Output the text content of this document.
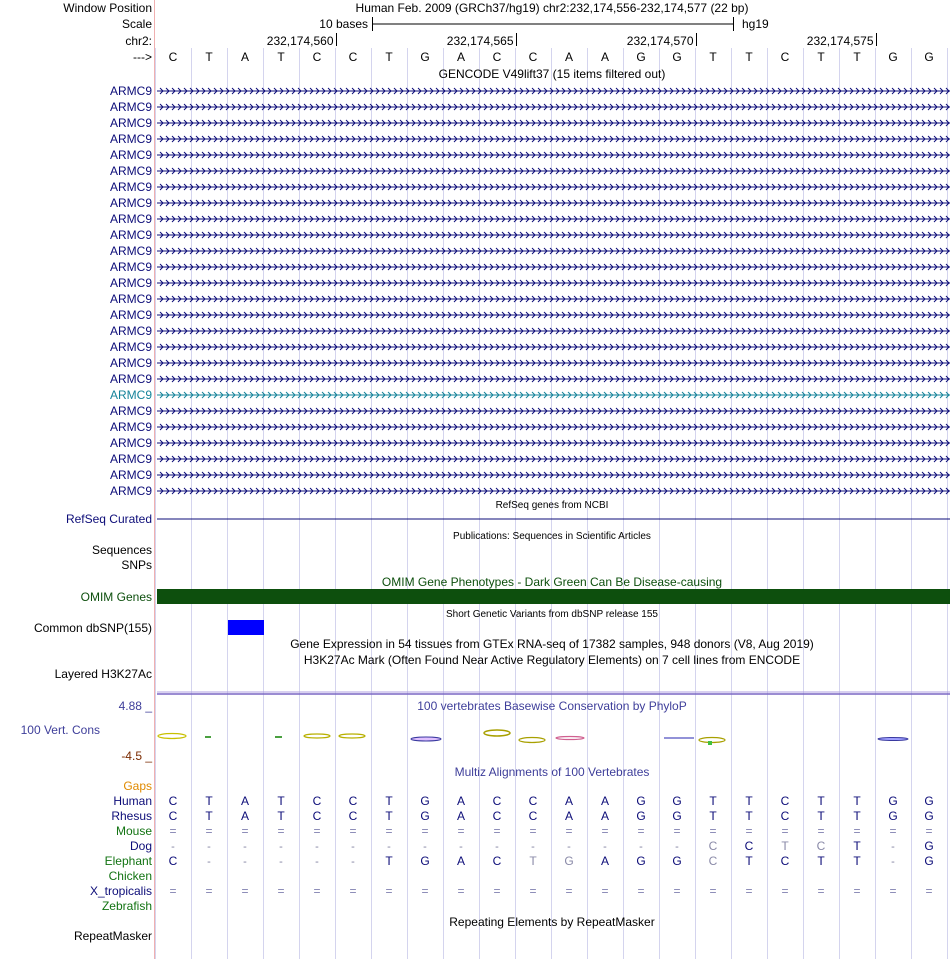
Window Position	Human Feb. 2009 (GRCh37/hg19) chr2:232,174,556-232,174,577 (22 bp)
Scale	10 bases	hg19
chr2:	232,174,560	232,174,565	232,174,570	232,174,575
---> C T A T C C T G A C C A A G G T T C T T G G
GENCODE V49lift37 (15 items filtered out)
ARMC9
ARMC9
ARMC9
ARMC9
ARMC9
ARMC9
ARMC9
ARMC9
ARMC9
ARMC9
ARMC9
ARMC9
ARMC9
ARMC9
ARMC9
ARMC9
ARMC9
ARMC9
ARMC9
ARMC9
ARMC9
ARMC9
ARMC9
ARMC9
ARMC9
ARMC9
RefSeq genes from NCBI
RefSeq Curated
Publications: Sequences in Scientific Articles
Sequences
SNPs
OMIM Gene Phenotypes - Dark Green Can Be Disease-causing
OMIM Genes
Short Genetic Variants from dbSNP release 155
Common dbSNP(155)
Gene Expression in 54 tissues from GTEx RNA-seq of 17382 samples, 948 donors (V8, Aug 2019)
H3K27Ac Mark (Often Found Near Active Regulatory Elements) on 7 cell lines from ENCODE
Layered H3K27Ac
100 vertebrates Basewise Conservation by PhyloP
4.88 _
100 Vert. Cons
-4.5 _
Multiz Alignments of 100 Vertebrates
Gaps
Human C T A T C C T G A C C A A G G T T C T T G G
Rhesus C T A T C C T G A C C A A G G T T C T T G G
Mouse = = = = = = = = = = = = = = = = = = = = = =
Dog -	-	-	-	-	-	-	-	-	-	-	-	-	-	- C C T C T	- G
Elephant C	-	-	-	-	-	T G A C T G A G G C T C T T	- G
Chicken
X_tropicalis = = = = = = = = = = = = = = = = = = = = = =
Zebrafish
Repeating Elements by RepeatMasker
RepeatMasker
